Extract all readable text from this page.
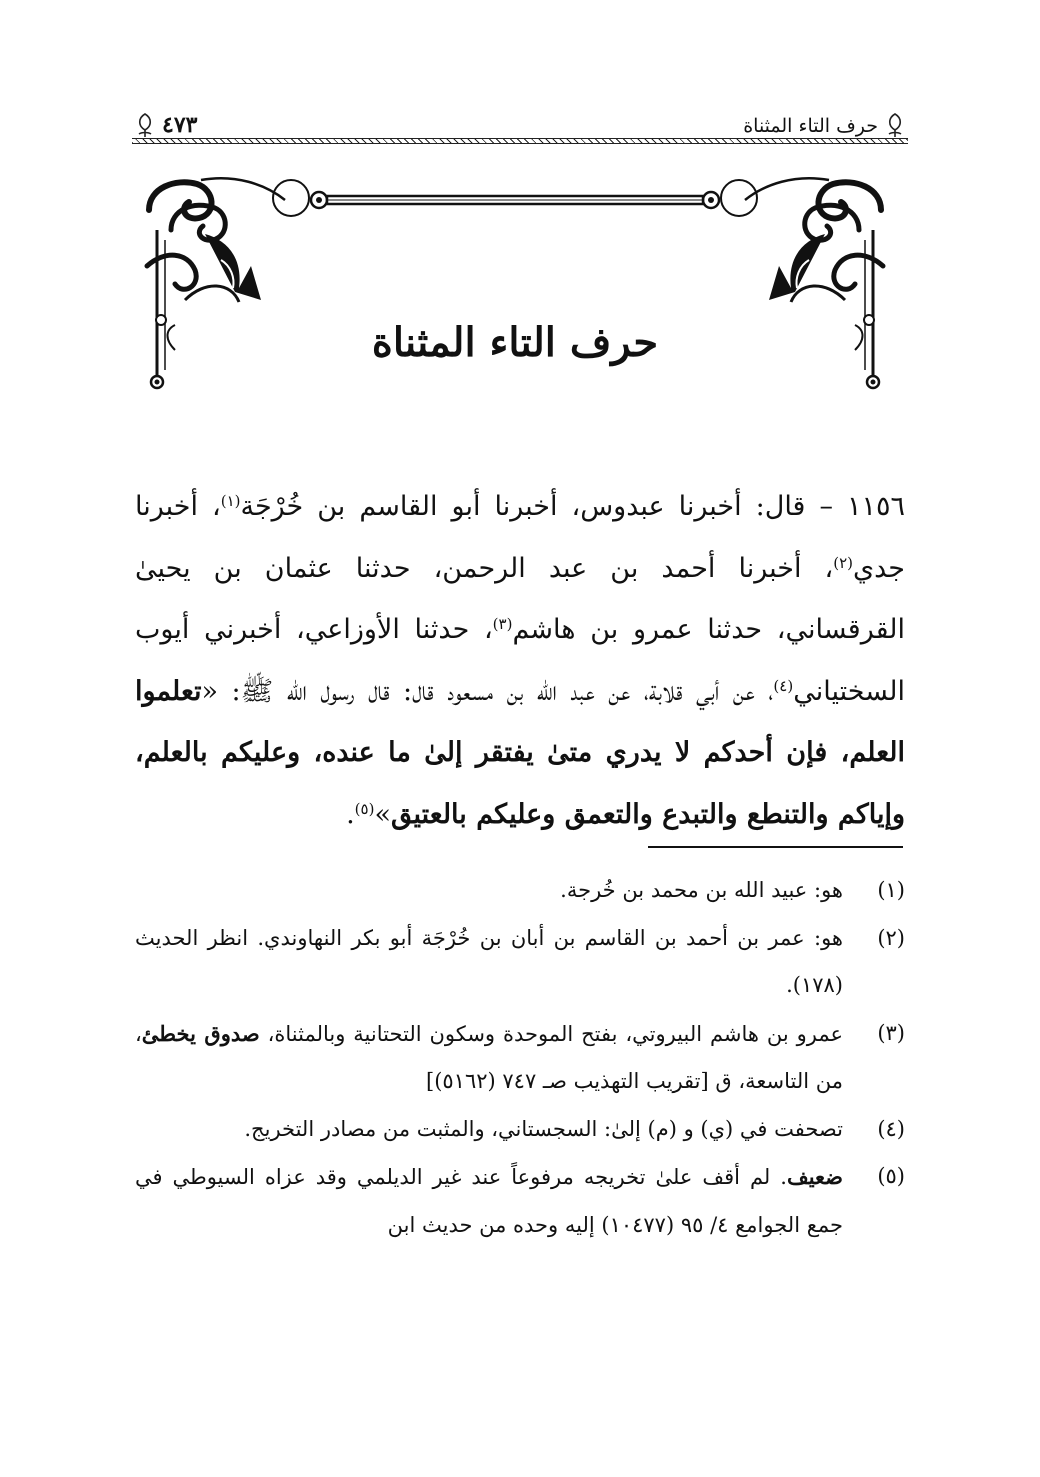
حرف التاء المثناة
٤٧٣
حرف التاء المثناة
١١٥٦ – قال: أخبرنا عبدوس، أخبرنا أبو القاسم بن خُرْجَة$^{(١)}$، أخبرنا جدي$^{(٢)}$، أخبرنا أحمد بن عبد الرحمن، حدثنا عثمان بن يحيىٰ القرقساني، حدثنا عمرو بن هاشم$^{(٣)}$، حدثنا الأوزاعي، أخبرني أيوب السختياني$^{(٤)}$، عن أبي قلابة، عن عبد الله بن مسعود قال: قال رسول الله ﷺ: «تعلموا العلم، فإن أحدكم لا يدري متىٰ يفتقر إلىٰ ما عنده، وعليكم بالعلم، وإياكم والتنطع والتبدع والتعمق وعليكم بالعتيق»$^{(٥)}$.
(١)
هو: عبيد الله بن محمد بن خُرجة.
(٢)
هو: عمر بن أحمد بن القاسم بن أبان بن خُرْجَة أبو بكر النهاوندي. انظر الحديث (١٧٨).
(٣)
عمرو بن هاشم البيروتي، بفتح الموحدة وسكون التحتانية وبالمثناة، صدوق يخطئ، من التاسعة، ق [تقريب التهذيب صـ ٧٤٧ (٥١٦٢)]
(٤)
تصحفت في (ي) و (م) إلىٰ: السجستاني، والمثبت من مصادر التخريج.
(٥)
ضعيف. لم أقف علىٰ تخريجه مرفوعاً عند غير الديلمي وقد عزاه السيوطي في جمع الجوامع ٤/ ٩٥ (١٠٤٧٧) إليه وحده من حديث ابن
